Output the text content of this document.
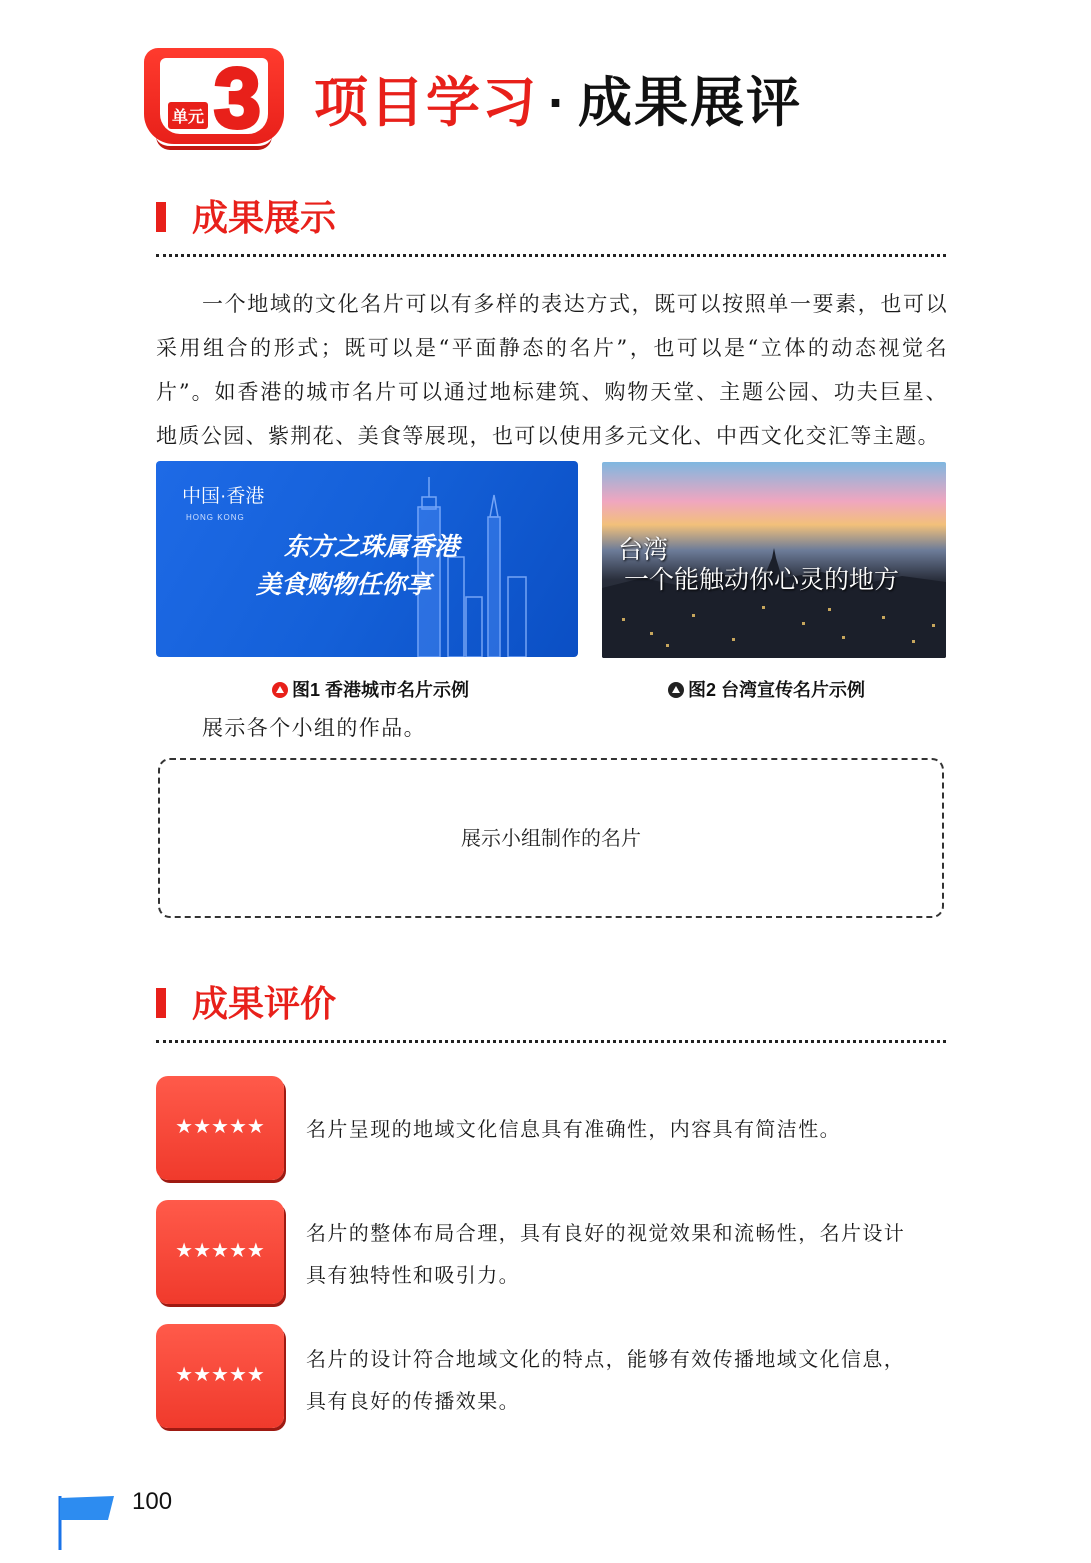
单元 3 项目学习 · 成果展评
成果展示
一个地域的文化名片可以有多样的表达方式，既可以按照单一要素，也可以采用组合的形式；既可以是“平面静态的名片”，也可以是“立体的动态视觉名片”。如香港的城市名片可以通过地标建筑、购物天堂、主题公园、功夫巨星、地质公园、紫荆花、美食等展现，也可以使用多元文化、中西文化交汇等主题。
中国·香港
HONG KONG
东方之珠属香港
美食购物任你享
图1 香港城市名片示例
台湾
一个能触动你心灵的地方
图2 台湾宣传名片示例
展示各个小组的作品。
展示小组制作的名片
成果评价
★★★★★	名片呈现的地域文化信息具有准确性，内容具有简洁性。
★★★★★
名片的整体布局合理，具有良好的视觉效果和流畅性，名片设计具有独特性和吸引力。
★★★★★
名片的设计符合地域文化的特点，能够有效传播地域文化信息，具有良好的传播效果。
100
